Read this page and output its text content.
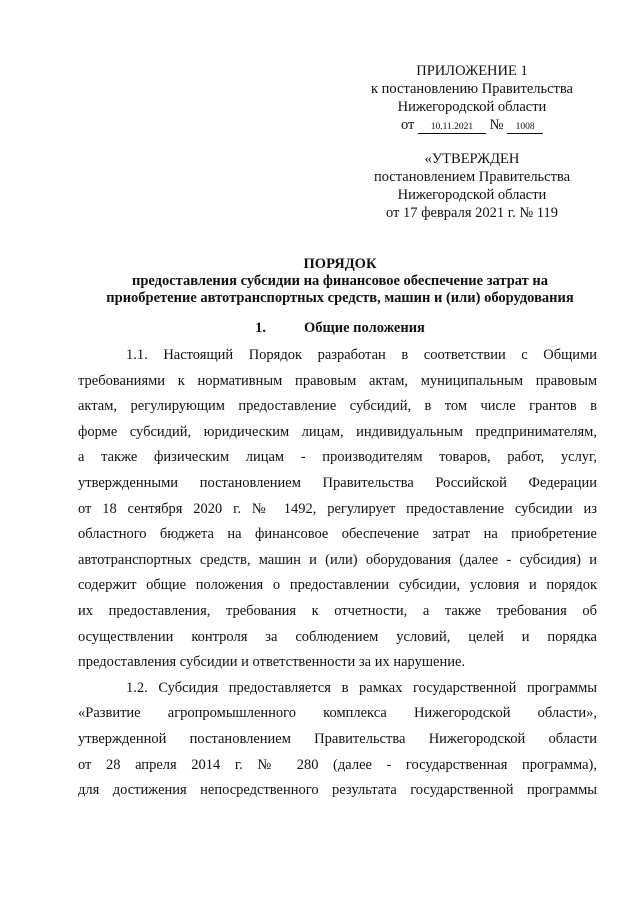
ПРИЛОЖЕНИЕ 1
к постановлению Правительства
Нижегородской области
от 10.11.2021 № 1008
«УТВЕРЖДЕН
постановлением Правительства
Нижегородской области
от 17 февраля 2021 г. № 119
ПОРЯДОК
предоставления субсидии на финансовое обеспечение затрат на
приобретение автотранспортных средств, машин и (или) оборудования
1.	Общие положения
1.1. Настоящий Порядок разработан в соответствии с Общими
требованиями к нормативным правовым актам, муниципальным правовым
актам, регулирующим предоставление субсидий, в том числе грантов в
форме субсидий, юридическим лицам, индивидуальным предпринимателям,
а также физическим лицам - производителям товаров, работ, услуг,
утвержденными постановлением Правительства Российской Федерации
от 18 сентября 2020 г. № 1492, регулирует предоставление субсидии из
областного бюджета на финансовое обеспечение затрат на приобретение
автотранспортных средств, машин и (или) оборудования (далее - субсидия) и
содержит общие положения о предоставлении субсидии, условия и порядок
их предоставления, требования к отчетности, а также требования об
осуществлении контроля за соблюдением условий, целей и порядка
предоставления субсидии и ответственности за их нарушение.
1.2. Субсидия предоставляется в рамках государственной программы
«Развитие агропромышленного комплекса Нижегородской области»,
утвержденной постановлением Правительства Нижегородской области
от 28 апреля 2014 г. № 280 (далее - государственная программа),
для достижения непосредственного результата государственной программы
